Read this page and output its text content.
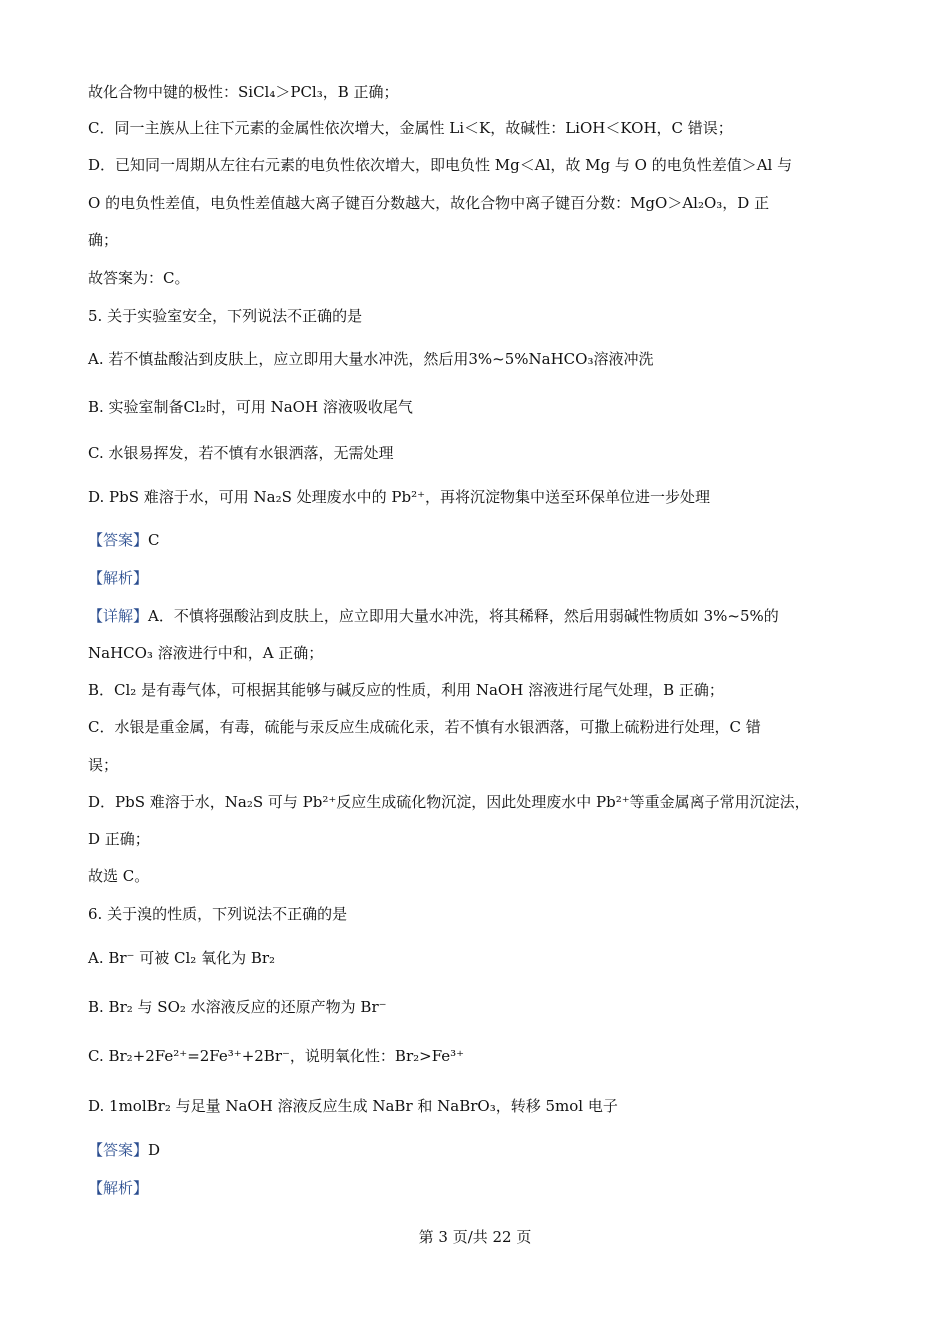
故化合物中键的极性：SiCl₄＞PCl₃，B 正确；
C．同一主族从上往下元素的金属性依次增大，金属性 Li＜K，故碱性：LiOH＜KOH，C 错误；
D．已知同一周期从左往右元素的电负性依次增大，即电负性 Mg＜Al，故 Mg 与 O 的电负性差值＞Al 与
O 的电负性差值，电负性差值越大离子键百分数越大，故化合物中离子键百分数：MgO＞Al₂O₃，D 正
确；
故答案为：C。
5. 关于实验室安全，下列说法不正确的是
A. 若不慎盐酸沾到皮肤上，应立即用大量水冲洗，然后用3%~5%NaHCO₃溶液冲洗
B. 实验室制备Cl₂时，可用 NaOH 溶液吸收尾气
C. 水银易挥发，若不慎有水银洒落，无需处理
D. PbS 难溶于水，可用 Na₂S 处理废水中的 Pb²⁺，再将沉淀物集中送至环保单位进一步处理
【答案】C
【解析】
【详解】A．不慎将强酸沾到皮肤上，应立即用大量水冲洗，将其稀释，然后用弱碱性物质如 3%~5%的
NaHCO₃ 溶液进行中和，A 正确；
B．Cl₂ 是有毒气体，可根据其能够与碱反应的性质，利用 NaOH 溶液进行尾气处理，B 正确；
C．水银是重金属，有毒，硫能与汞反应生成硫化汞，若不慎有水银洒落，可撒上硫粉进行处理，C 错
误；
D．PbS 难溶于水，Na₂S 可与 Pb²⁺反应生成硫化物沉淀，因此处理废水中 Pb²⁺等重金属离子常用沉淀法，
D 正确；
故选 C。
6. 关于溴的性质，下列说法不正确的是
A. Br⁻ 可被 Cl₂ 氧化为 Br₂
B. Br₂ 与 SO₂ 水溶液反应的还原产物为 Br⁻
C. Br₂+2Fe²⁺=2Fe³⁺+2Br⁻，说明氧化性：Br₂>Fe³⁺
D. 1molBr₂ 与足量 NaOH 溶液反应生成 NaBr 和 NaBrO₃，转移 5mol 电子
【答案】D
【解析】
第 3 页/共 22 页
